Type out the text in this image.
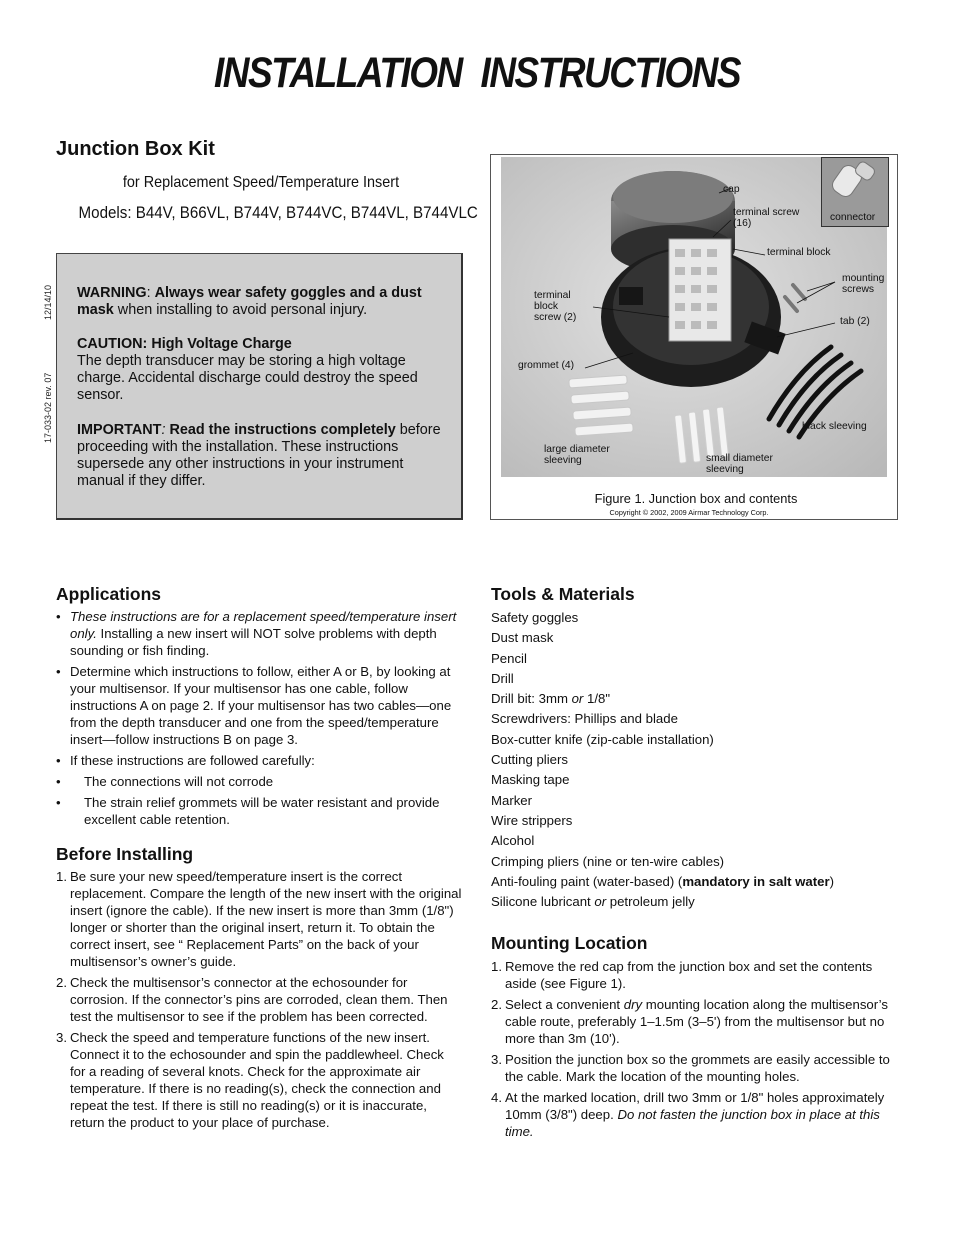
INSTALLATION INSTRUCTIONS
Junction Box Kit
for Replacement Speed/Temperature Insert
Models: B44V, B66VL, B744V, B744VC, B744VL, B744VLC
12/14/10
17-033-02 rev. 07
WARNING: Always wear safety goggles and a dust mask when installing to avoid personal injury.
CAUTION: High Voltage Charge
The depth transducer may be storing a high voltage charge. Accidental discharge could destroy the speed sensor.
IMPORTANT: Read the instructions completely before proceeding with the installation. These instructions supersede any other instructions in your instrument manual if they differ.
connector
cap
terminal screw
(16)
terminal block
mounting
screws
terminal
block
screw (2)	tab (2)
grommet (4)
black sleeving
large diameter
sleeving	small diameter
sleeving
Figure 1. Junction box and contents
Copyright © 2002, 2009 Airmar Technology Corp.
Applications
• These instructions are for a replacement speed/temperature insert only. Installing a new insert will NOT solve problems with depth sounding or fish finding.
• Determine which instructions to follow, either A or B, by looking at your multisensor. If your multisensor has one cable, follow instructions A on page 2. If your multisensor has two cables—one from the depth transducer and one from the speed/temperature insert—follow instructions B on page 3.
• If these instructions are followed carefully:
• The connections will not corrode
• The strain relief grommets will be water resistant and provide excellent cable retention.
Before Installing
1. Be sure your new speed/temperature insert is the correct replacement. Compare the length of the new insert with the original insert (ignore the cable). If the new insert is more than 3mm (1/8") longer or shorter than the original insert, return it. To obtain the correct insert, see “ Replacement Parts” on the back of your multisensor’s owner’s guide.
2. Check the multisensor’s connector at the echosounder for corrosion. If the connector’s pins are corroded, clean them. Then test the multisensor to see if the problem has been corrected.
3. Check the speed and temperature functions of the new insert. Connect it to the echosounder and spin the paddlewheel. Check for a reading of several knots. Check for the approximate air temperature. If there is no reading(s), check the connection and repeat the test. If there is still no reading(s) or it is inaccurate, return the product to your place of purchase.
Tools & Materials
Safety goggles
Dust mask
Pencil
Drill
Drill bit: 3mm or 1/8"
Screwdrivers: Phillips and blade
Box-cutter knife (zip-cable installation)
Cutting pliers
Masking tape
Marker
Wire strippers
Alcohol
Crimping pliers (nine or ten-wire cables)
Anti-fouling paint (water-based) (mandatory in salt water)
Silicone lubricant or petroleum jelly
Mounting Location
1. Remove the red cap from the junction box and set the contents aside (see Figure 1).
2. Select a convenient dry mounting location along the multisensor’s cable route, preferably 1–1.5m (3–5') from the multisensor but no more than 3m (10').
3. Position the junction box so the grommets are easily accessible to the cable. Mark the location of the mounting holes.
4. At the marked location, drill two 3mm or 1/8" holes approximately 10mm (3/8") deep. Do not fasten the junction box in place at this time.
